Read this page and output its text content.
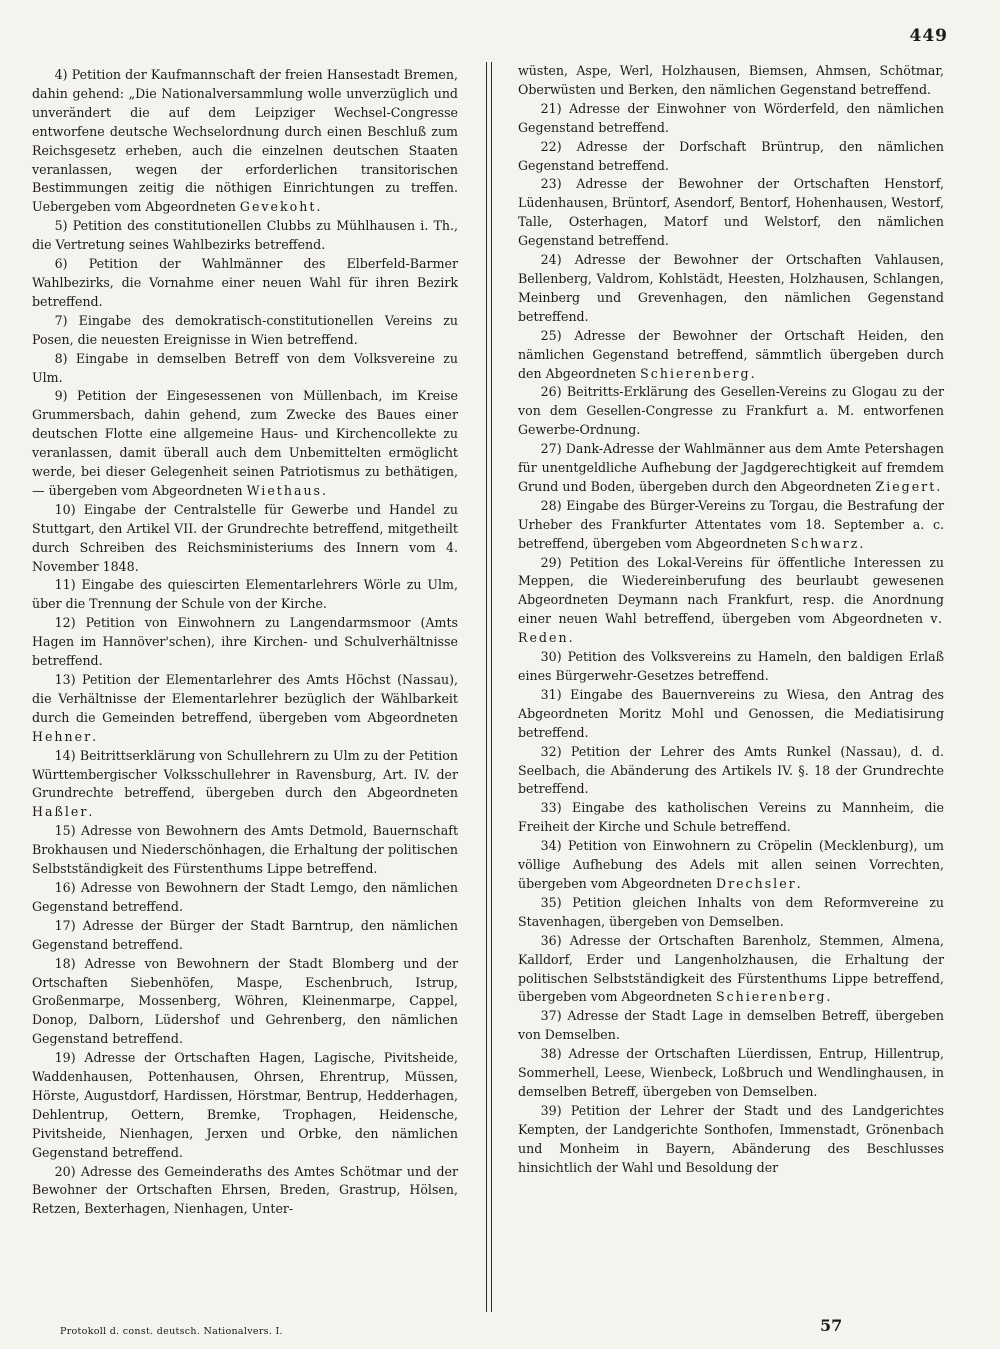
449

4) Petition der Kaufmannschaft der freien Hansestadt Bremen, dahin gehend: „Die Nationalversammlung wolle unverzüglich und unverändert die auf dem Leipziger Wechsel-Congresse entworfene deutsche Wechselordnung durch einen Beschluß zum Reichsgesetz erheben, auch die einzelnen deutschen Staaten veranlassen, wegen der erforderlichen transitorischen Bestimmungen zeitig die nöthigen Einrichtungen zu treffen. Uebergeben vom Abgeordneten Gevekoht.

5) Petition des constitutionellen Clubbs zu Mühlhausen i. Th., die Vertretung seines Wahlbezirks betreffend.

6) Petition der Wahlmänner des Elberfeld-Barmer Wahlbezirks, die Vornahme einer neuen Wahl für ihren Bezirk betreffend.

7) Eingabe des demokratisch-constitutionellen Vereins zu Posen, die neuesten Ereignisse in Wien betreffend.

8) Eingabe in demselben Betreff von dem Volksvereine zu Ulm.

9) Petition der Eingesessenen von Müllenbach, im Kreise Grummersbach, dahin gehend, zum Zwecke des Baues einer deutschen Flotte eine allgemeine Haus- und Kirchencollekte zu veranlassen, damit überall auch dem Unbemittelten ermöglicht werde, bei dieser Gelegenheit seinen Patriotismus zu bethätigen, — übergeben vom Abgeordneten Wiethaus.

10) Eingabe der Centralstelle für Gewerbe und Handel zu Stuttgart, den Artikel VII. der Grundrechte betreffend, mitgetheilt durch Schreiben des Reichsministeriums des Innern vom 4. November 1848.

11) Eingabe des quiescirten Elementarlehrers Wörle zu Ulm, über die Trennung der Schule von der Kirche.

12) Petition von Einwohnern zu Langendarmsmoor (Amts Hagen im Hannöver'schen), ihre Kirchen- und Schulverhältnisse betreffend.

13) Petition der Elementarlehrer des Amts Höchst (Nassau), die Verhältnisse der Elementarlehrer bezüglich der Wählbarkeit durch die Gemeinden betreffend, übergeben vom Abgeordneten Hehner.

14) Beitrittserklärung von Schullehrern zu Ulm zu der Petition Württembergischer Volksschullehrer in Ravensburg, Art. IV. der Grundrechte betreffend, übergeben durch den Abgeordneten Haßler.

15) Adresse von Bewohnern des Amts Detmold, Bauernschaft Brokhausen und Niederschönhagen, die Erhaltung der politischen Selbstständigkeit des Fürstenthums Lippe betreffend.

16) Adresse von Bewohnern der Stadt Lemgo, den nämlichen Gegenstand betreffend.

17) Adresse der Bürger der Stadt Barntrup, den nämlichen Gegenstand betreffend.

18) Adresse von Bewohnern der Stadt Blomberg und der Ortschaften Siebenhöfen, Maspe, Eschenbruch, Istrup, Großenmarpe, Mossenberg, Wöhren, Kleinenmarpe, Cappel, Donop, Dalborn, Lüdershof und Gehrenberg, den nämlichen Gegenstand betreffend.

19) Adresse der Ortschaften Hagen, Lagische, Pivitsheide, Waddenhausen, Pottenhausen, Ohrsen, Ehrentrup, Müssen, Hörste, Augustdorf, Hardissen, Hörstmar, Bentrup, Hedderhagen, Dehlentrup, Oettern, Bremke, Trophagen, Heidensche, Pivitsheide, Nienhagen, Jerxen und Orbke, den nämlichen Gegenstand betreffend.

20) Adresse des Gemeinderaths des Amtes Schötmar und der Bewohner der Ortschaften Ehrsen, Breden, Grastrup, Hölsen, Retzen, Bexterhagen, Nienhagen, Unter-

wüsten, Aspe, Werl, Holzhausen, Biemsen, Ahmsen, Schötmar, Oberwüsten und Berken, den nämlichen Gegenstand betreffend.

21) Adresse der Einwohner von Wörderfeld, den nämlichen Gegenstand betreffend.

22) Adresse der Dorfschaft Brüntrup, den nämlichen Gegenstand betreffend.

23) Adresse der Bewohner der Ortschaften Henstorf, Lüdenhausen, Brüntorf, Asendorf, Bentorf, Hohenhausen, Westorf, Talle, Osterhagen, Matorf und Welstorf, den nämlichen Gegenstand betreffend.

24) Adresse der Bewohner der Ortschaften Vahlausen, Bellenberg, Valdrom, Kohlstädt, Heesten, Holzhausen, Schlangen, Meinberg und Grevenhagen, den nämlichen Gegenstand betreffend.

25) Adresse der Bewohner der Ortschaft Heiden, den nämlichen Gegenstand betreffend, sämmtlich übergeben durch den Abgeordneten Schierenberg.

26) Beitritts-Erklärung des Gesellen-Vereins zu Glogau zu der von dem Gesellen-Congresse zu Frankfurt a. M. entworfenen Gewerbe-Ordnung.

27) Dank-Adresse der Wahlmänner aus dem Amte Petershagen für unentgeldliche Aufhebung der Jagdgerechtigkeit auf fremdem Grund und Boden, übergeben durch den Abgeordneten Ziegert.

28) Eingabe des Bürger-Vereins zu Torgau, die Bestrafung der Urheber des Frankfurter Attentates vom 18. September a. c. betreffend, übergeben vom Abgeordneten Schwarz.

29) Petition des Lokal-Vereins für öffentliche Interessen zu Meppen, die Wiedereinberufung des beurlaubt gewesenen Abgeordneten Deymann nach Frankfurt, resp. die Anordnung einer neuen Wahl betreffend, übergeben vom Abgeordneten v. Reden.

30) Petition des Volksvereins zu Hameln, den baldigen Erlaß eines Bürgerwehr-Gesetzes betreffend.

31) Eingabe des Bauernvereins zu Wiesa, den Antrag des Abgeordneten Moritz Mohl und Genossen, die Mediatisirung betreffend.

32) Petition der Lehrer des Amts Runkel (Nassau), d. d. Seelbach, die Abänderung des Artikels IV. §. 18 der Grundrechte betreffend.

33) Eingabe des katholischen Vereins zu Mannheim, die Freiheit der Kirche und Schule betreffend.

34) Petition von Einwohnern zu Cröpelin (Mecklenburg), um völlige Aufhebung des Adels mit allen seinen Vorrechten, übergeben vom Abgeordneten Drechsler.

35) Petition gleichen Inhalts von dem Reformvereine zu Stavenhagen, übergeben von Demselben.

36) Adresse der Ortschaften Barenholz, Stemmen, Almena, Kalldorf, Erder und Langenholzhausen, die Erhaltung der politischen Selbstständigkeit des Fürstenthums Lippe betreffend, übergeben vom Abgeordneten Schierenberg.

37) Adresse der Stadt Lage in demselben Betreff, übergeben von Demselben.

38) Adresse der Ortschaften Lüerdissen, Entrup, Hillentrup, Sommerhell, Leese, Wienbeck, Loßbruch und Wendlinghausen, in demselben Betreff, übergeben von Demselben.

39) Petition der Lehrer der Stadt und des Landgerichtes Kempten, der Landgerichte Sonthofen, Immenstadt, Grönenbach und Monheim in Bayern, Abänderung des Beschlusses hinsichtlich der Wahl und Besoldung der

Protokoll d. const. deutsch. Nationalvers. I.	57
